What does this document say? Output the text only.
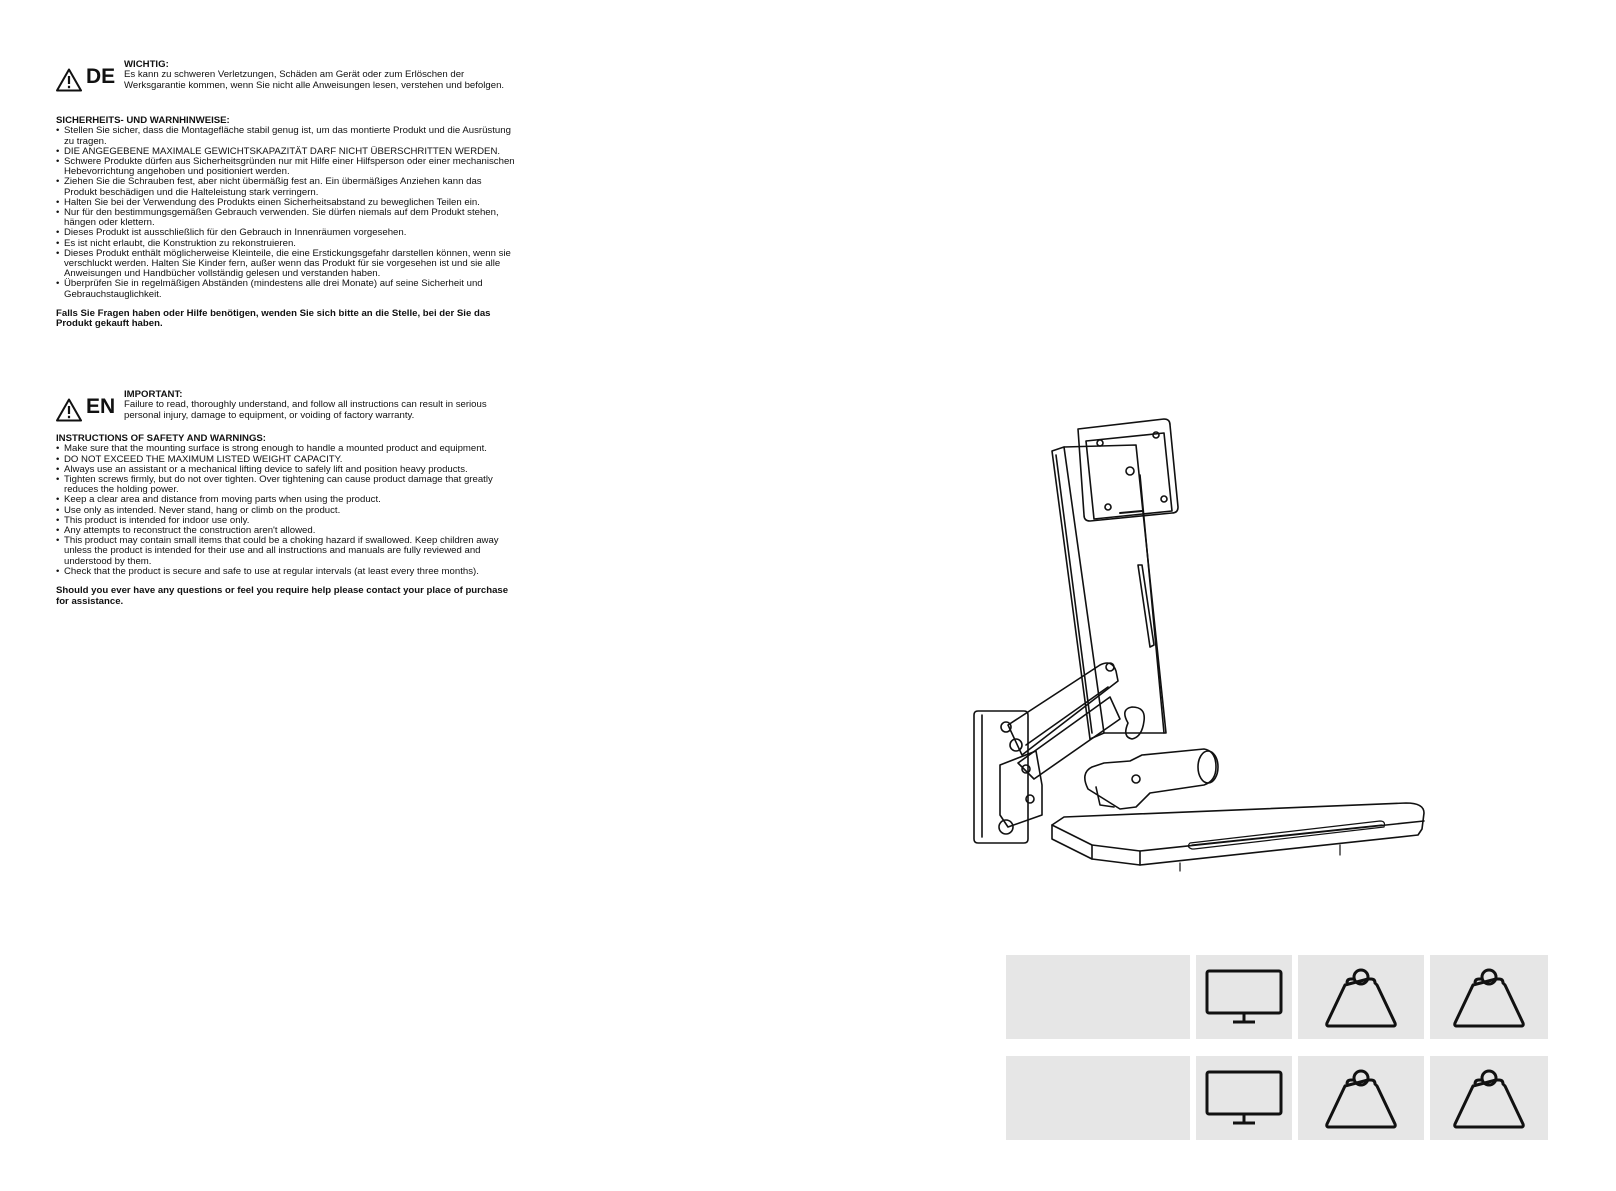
DE
WICHTIG:
Es kann zu schweren Verletzungen, Schäden am Gerät oder zum Erlöschen der Werksgarantie kommen, wenn Sie nicht alle Anweisungen lesen, verstehen und befolgen.
SICHERHEITS- UND WARNHINWEISE:
• Stellen Sie sicher, dass die Montagefläche stabil genug ist, um das montierte Produkt und die Ausrüstung zu tragen.
• DIE ANGEGEBENE MAXIMALE GEWICHTSKAPAZITÄT DARF NICHT ÜBERSCHRITTEN WERDEN.
• Schwere Produkte dürfen aus Sicherheitsgründen nur mit Hilfe einer Hilfsperson oder einer mechanischen Hebevorrichtung angehoben und positioniert werden.
• Ziehen Sie die Schrauben fest, aber nicht übermäßig fest an. Ein übermäßiges Anziehen kann das Produkt beschädigen und die Halteleistung stark verringern.
• Halten Sie bei der Verwendung des Produkts einen Sicherheitsabstand zu beweglichen Teilen ein.
• Nur für den bestimmungsgemäßen Gebrauch verwenden. Sie dürfen niemals auf dem Produkt stehen, hängen oder klettern.
• Dieses Produkt ist ausschließlich für den Gebrauch in Innenräumen vorgesehen.
• Es ist nicht erlaubt, die Konstruktion zu rekonstruieren.
• Dieses Produkt enthält möglicherweise Kleinteile, die eine Erstickungsgefahr darstellen können, wenn sie verschluckt werden. Halten Sie Kinder fern, außer wenn das Produkt für sie vorgesehen ist und sie alle Anweisungen und Handbücher vollständig gelesen und verstanden haben.
• Überprüfen Sie in regelmäßigen Abständen (mindestens alle drei Monate) auf seine Sicherheit und Gebrauchstauglichkeit.
Falls Sie Fragen haben oder Hilfe benötigen, wenden Sie sich bitte an die Stelle, bei der Sie das Produkt gekauft haben.
EN
IMPORTANT:
Failure to read, thoroughly understand, and follow all instructions can result in serious personal injury, damage to equipment, or voiding of factory warranty.
INSTRUCTIONS OF SAFETY AND WARNINGS:
• Make sure that the mounting surface is strong enough to handle a mounted product and equipment.
• DO NOT EXCEED THE MAXIMUM LISTED WEIGHT CAPACITY.
• Always use an assistant or a mechanical lifting device to safely lift and position heavy products.
• Tighten screws firmly, but do not over tighten. Over tightening can cause product damage that greatly reduces the holding power.
• Keep a clear area and distance from moving parts when using the product.
• Use only as intended. Never stand, hang or climb on the product.
• This product is intended for indoor use only.
• Any attempts to reconstruct the construction aren't allowed.
• This product may contain small items that could be a choking hazard if swallowed. Keep children away unless the product is intended for their use and all instructions and manuals are fully reviewed and understood by them.
• Check that the product is secure and safe to use at regular intervals (at least every three months).
Should you ever have any questions or feel you require help please contact your place of purchase for assistance.
